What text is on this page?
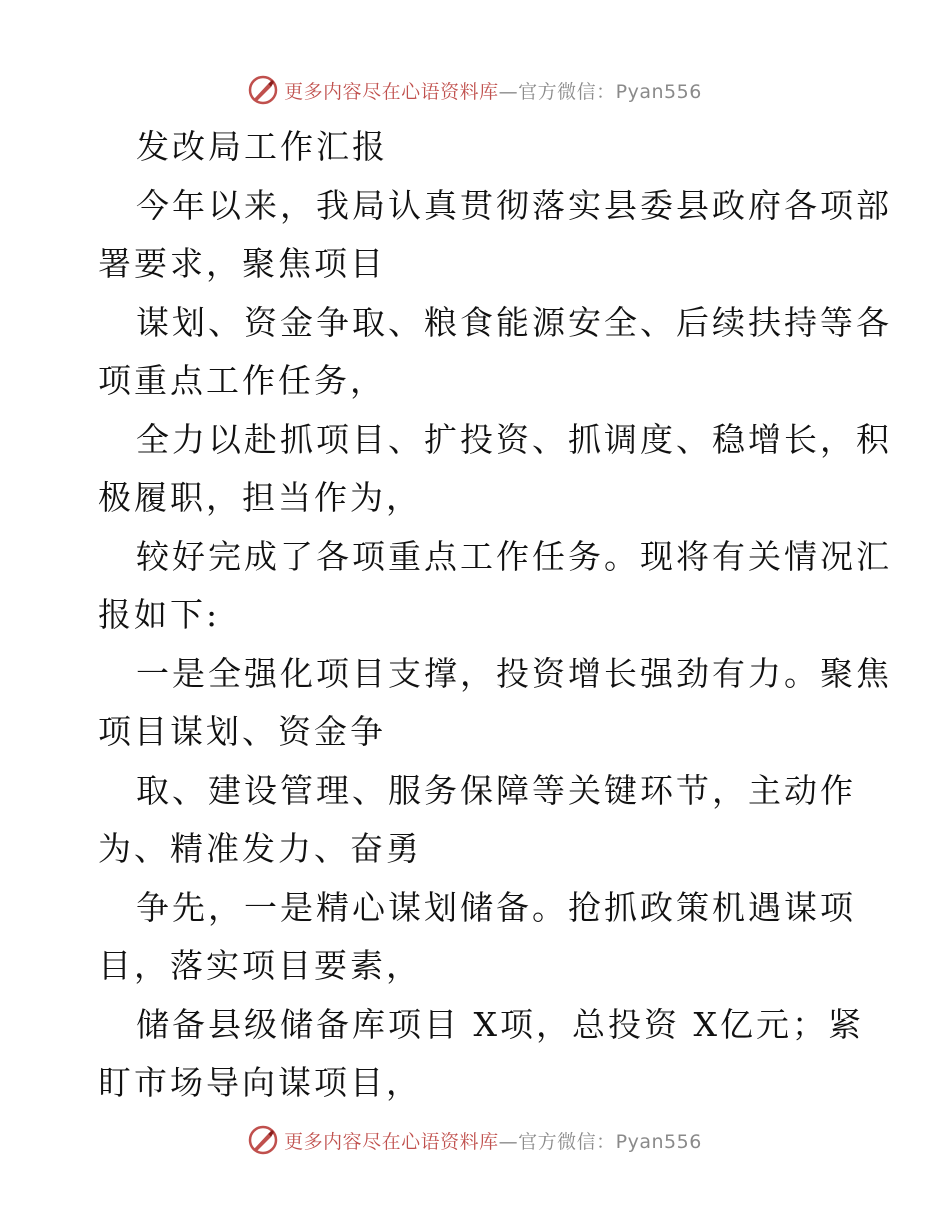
更多内容尽在心语资料库—官方微信：Pyan556

发改局工作汇报

今年以来，我局认真贯彻落实县委县政府各项部
署要求，聚焦项目

谋划、资金争取、粮食能源安全、后续扶持等各
项重点工作任务，

全力以赴抓项目、扩投资、抓调度、稳增长，积
极履职，担当作为，

较好完成了各项重点工作任务。现将有关情况汇
报如下:

一是全强化项目支撑，投资增长强劲有力。聚焦
项目谋划、资金争

取、建设管理、服务保障等关键环节，主动作
为、精准发力、奋勇

争先，一是精心谋划储备。抢抓政策机遇谋项
目，落实项目要素，

储备县级储备库项目 X项，总投资 X亿元；紧
盯市场导向谋项目，

更多内容尽在心语资料库—官方微信：Pyan556
